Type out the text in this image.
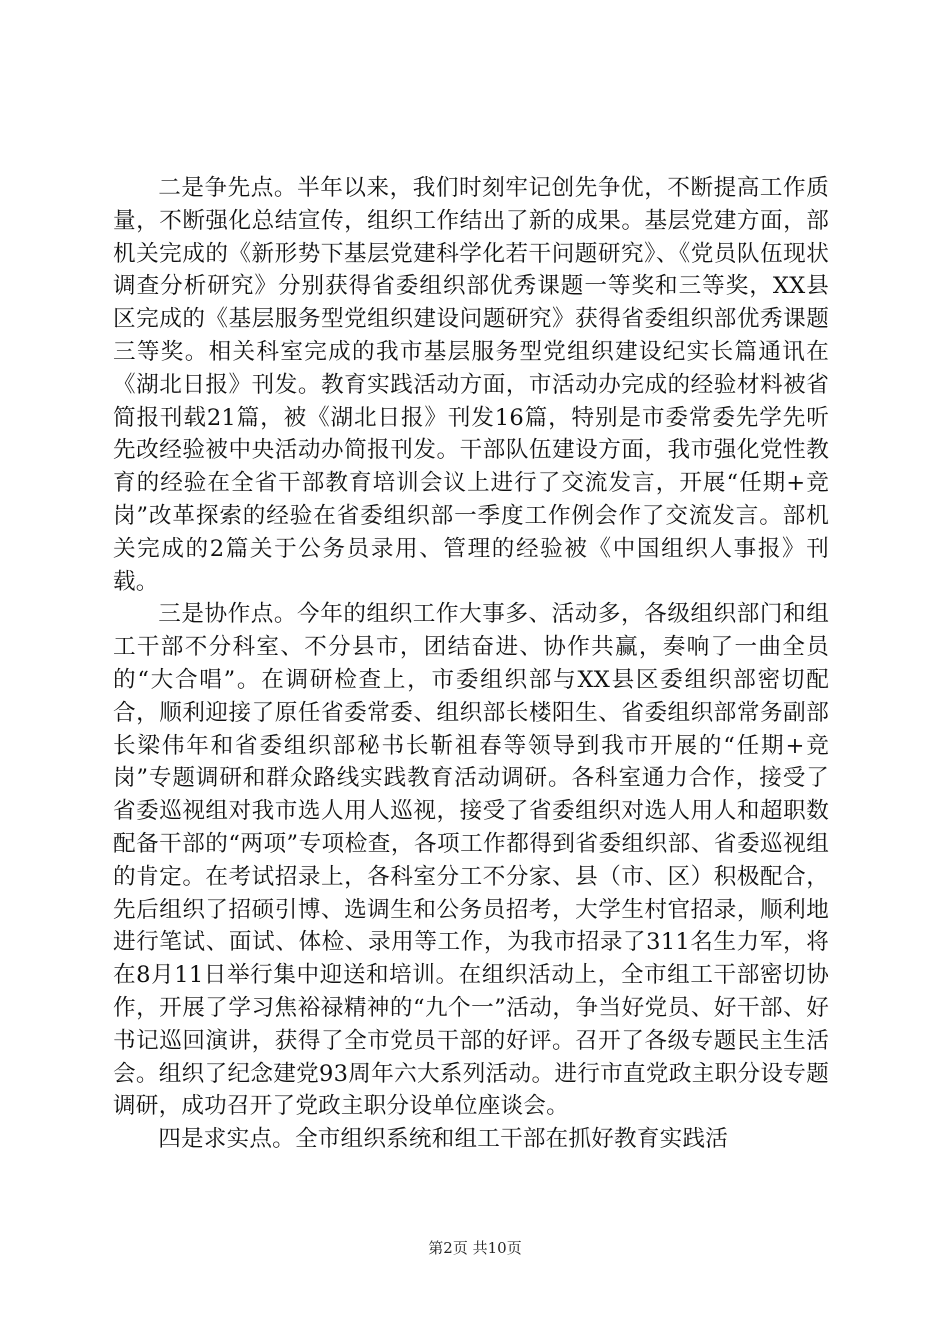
二是争先点。半年以来，我们时刻牢记创先争优，不断提高工作质量，不断强化总结宣传，组织工作结出了新的成果。基层党建方面，部机关完成的《新形势下基层党建科学化若干问题研究》、《党员队伍现状调查分析研究》分别获得省委组织部优秀课题一等奖和三等奖，XX县区完成的《基层服务型党组织建设问题研究》获得省委组织部优秀课题三等奖。相关科室完成的我市基层服务型党组织建设纪实长篇通讯在《湖北日报》刊发。教育实践活动方面，市活动办完成的经验材料被省简报刊载21篇，被《湖北日报》刊发16篇，特别是市委常委先学先听先改经验被中央活动办简报刊发。干部队伍建设方面，我市强化党性教育的经验在全省干部教育培训会议上进行了交流发言，开展“任期+竞岗”改革探索的经验在省委组织部一季度工作例会作了交流发言。部机关完成的2篇关于公务员录用、管理的经验被《中国组织人事报》刊载。

三是协作点。今年的组织工作大事多、活动多，各级组织部门和组工干部不分科室、不分县市，团结奋进、协作共赢，奏响了一曲全员的“大合唱”。在调研检查上，市委组织部与XX县区委组织部密切配合，顺利迎接了原任省委常委、组织部长楼阳生、省委组织部常务副部长梁伟年和省委组织部秘书长靳祖春等领导到我市开展的“任期+竞岗”专题调研和群众路线实践教育活动调研。各科室通力合作，接受了省委巡视组对我市选人用人巡视，接受了省委组织对选人用人和超职数配备干部的“两项”专项检查，各项工作都得到省委组织部、省委巡视组的肯定。在考试招录上，各科室分工不分家、县（市、区）积极配合，先后组织了招硕引博、选调生和公务员招考，大学生村官招录，顺利地进行笔试、面试、体检、录用等工作，为我市招录了311名生力军，将在8月11日举行集中迎送和培训。在组织活动上，全市组工干部密切协作，开展了学习焦裕禄精神的“九个一”活动，争当好党员、好干部、好书记巡回演讲，获得了全市党员干部的好评。召开了各级专题民主生活会。组织了纪念建党93周年六大系列活动。进行市直党政主职分设专题调研，成功召开了党政主职分设单位座谈会。

四是求实点。全市组织系统和组工干部在抓好教育实践活

第2页 共10页
